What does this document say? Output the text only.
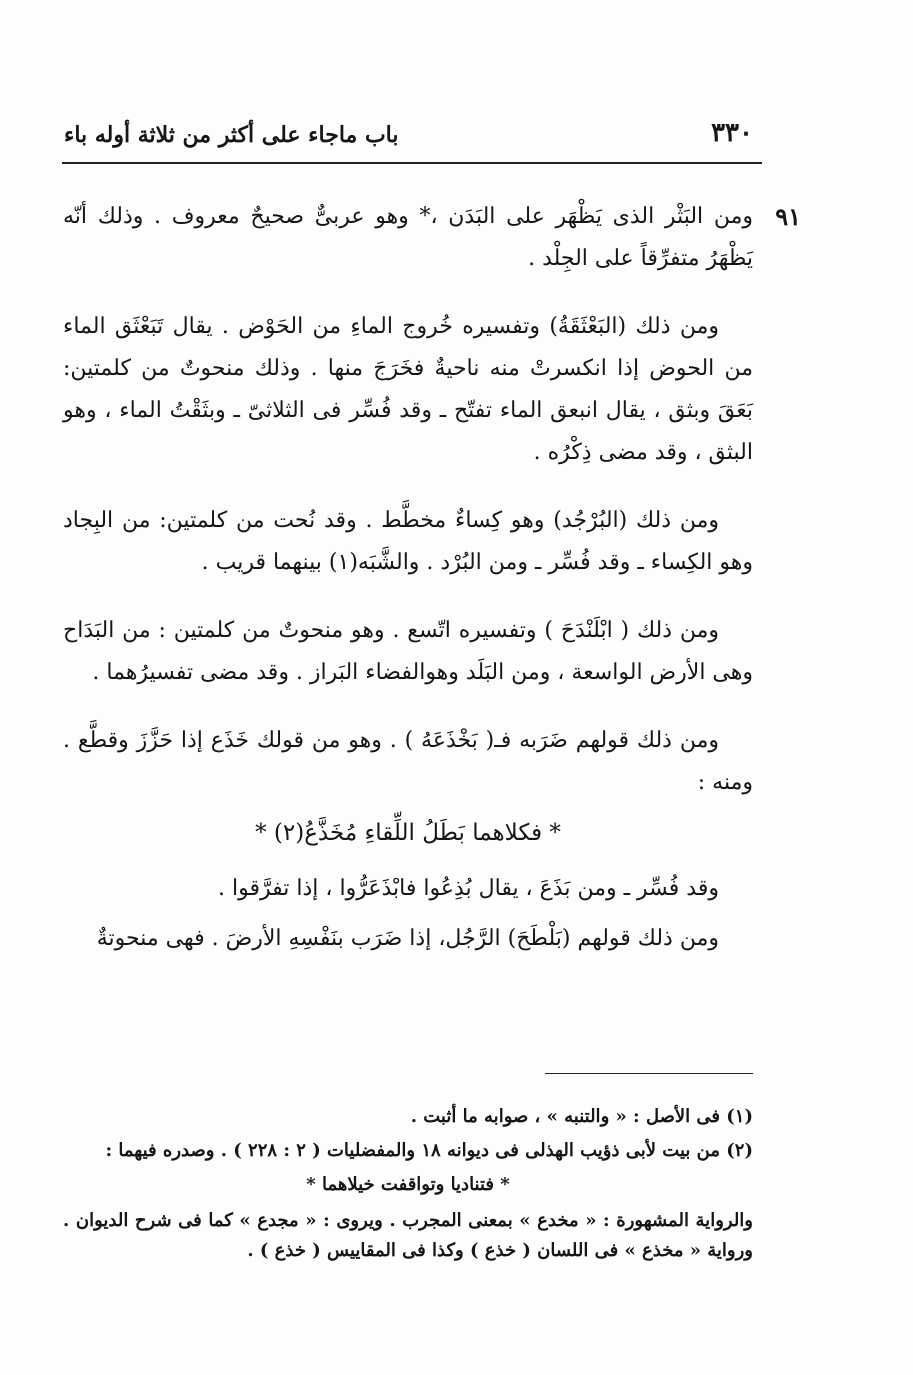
٣٣٠
باب ماجاء على أكثر من ثلاثة أوله باء
٩١

ومن البَثْر الذى يَظْهَر على البَدَن ،* وهو عربىٌّ صحيحٌ معروف . وذلك أنّه يَظْهَرُ متفرِّقاً على الجِلْد .

ومن ذلك (البَعْثَقَةُ) وتفسيره خُروج الماءِ من الحَوْض . يقال تَبَعْثَق الماء من الحوض إذا انكسرتْ منه ناحيةٌ فخَرَجَ منها . وذلك منحوتٌ من كلمتين: بَعَقَ وبثق ، يقال انبعق الماء تفتّح ـ وقد فُسِّر فى الثلاثىّ ـ وبثَقْتُ الماء ، وهو البثق ، وقد مضى ذِكْرُه .

ومن ذلك (البُرْجُد) وهو كِساءٌ مخطَّط . وقد نُحت من كلمتين: من البِجاد وهو الكِساء ـ وقد فُسِّر ـ ومن البُرْد . والشَّبَه(١) بينهما قريب .

ومن ذلك ( ابْلَنْدَحَ ) وتفسيره اتّسع . وهو منحوتٌ من كلمتين : من البَدَاح وهى الأرض الواسعة ، ومن البَلَد وهوالفضاء البَراز . وقد مضى تفسيرُهما .

ومن ذلك قولهم ضَرَبه فـ( بَخْذَعَهُ ) . وهو من قولك خَذَع إذا حَزَّزَ وقطَّع . ومنه :

* فكلاهما بَطَلُ اللِّقاءِ مُخَذَّعُ(٢) *

وقد فُسِّر ـ ومن بَذَعَ ، يقال بُذِعُوا فابْذَعَرُّوا ، إذا تفرَّقوا .

ومن ذلك قولهم (بَلْطَحَ) الرَّجُل، إذا ضَرَب بنَفْسِهِ الأرضَ . فهى منحوتةٌ

(١) فى الأصل : « والتنبه » ، صوابه ما أثبت .

(٢) من بيت لأبى ذؤيب الهذلى فى ديوانه ١٨ والمفضليات ( ٢ : ٢٢٨ ) . وصدره فيهما :

* فتناديا وتواقفت خيلاهما *

والرواية المشهورة : « مخدع » بمعنى المجرب . ويروى : « مجدع » كما فى شرح الديوان . ورواية « مخذع » فى اللسان ( خذع ) وكذا فى المقاييس ( خذع ) .
